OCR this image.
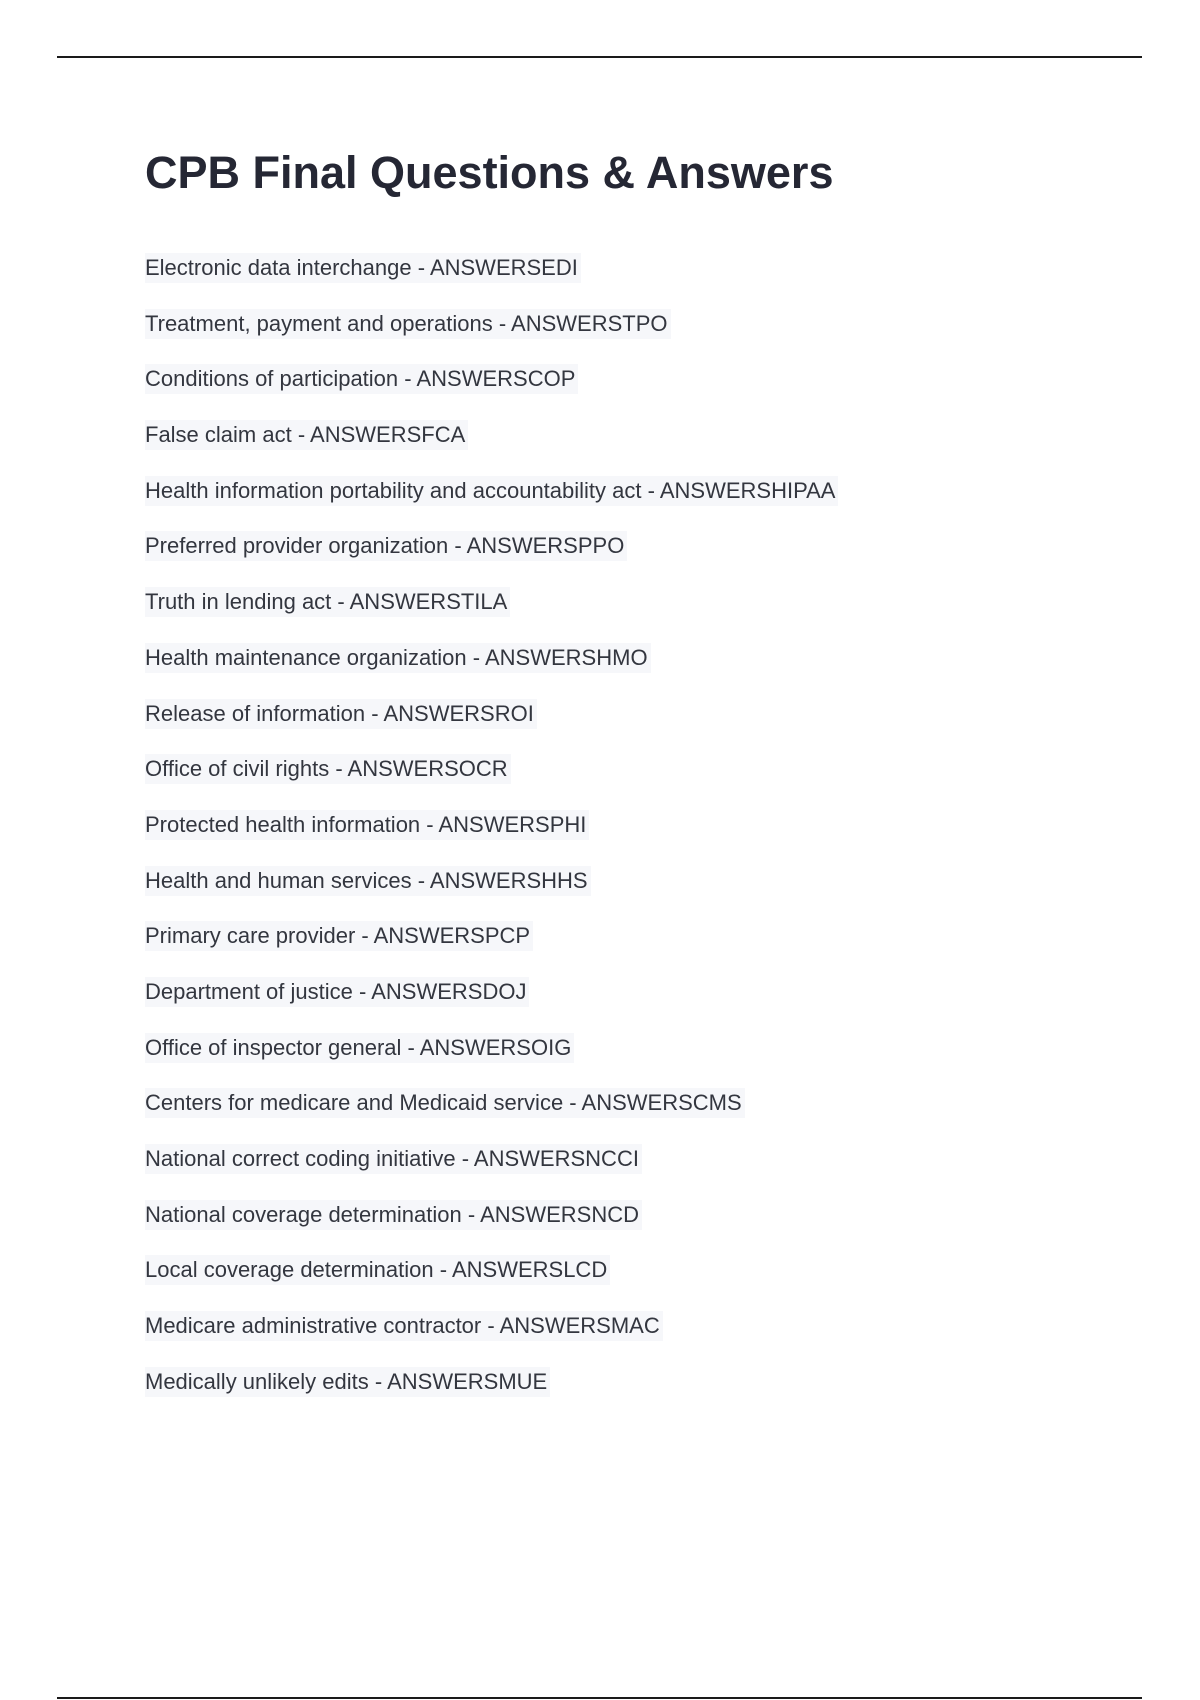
CPB Final Questions & Answers
Electronic data interchange - ANSWERSEDI
Treatment, payment and operations - ANSWERSTPO
Conditions of participation - ANSWERSCOP
False claim act - ANSWERSFCA
Health information portability and accountability act - ANSWERSHIPAA
Preferred provider organization - ANSWERSPPO
Truth in lending act - ANSWERSTILA
Health maintenance organization - ANSWERSHMO
Release of information - ANSWERSROI
Office of civil rights - ANSWERSOCR
Protected health information - ANSWERSPHI
Health and human services - ANSWERSHHS
Primary care provider - ANSWERSPCP
Department of justice - ANSWERSDOJ
Office of inspector general - ANSWERSOIG
Centers for medicare and Medicaid service - ANSWERSCMS
National correct coding initiative - ANSWERSNCCI
National coverage determination - ANSWERSNCD
Local coverage determination - ANSWERSLCD
Medicare administrative contractor - ANSWERSMAC
Medically unlikely edits - ANSWERSMUE
